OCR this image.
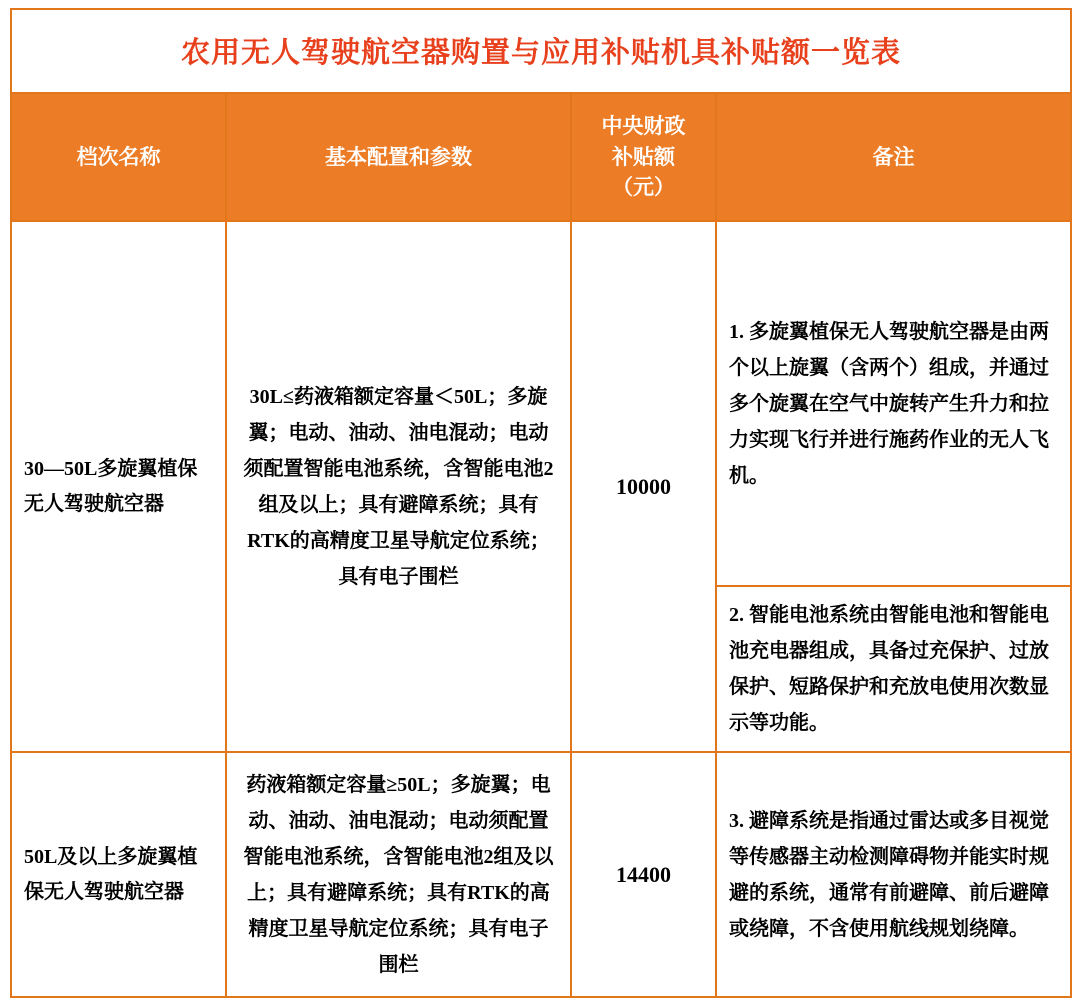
农用无人驾驶航空器购置与应用补贴机具补贴额一览表			
档次名称	基本配置和参数	中央财政
补贴额
（元）	备注
30—50L多旋翼植保无人驾驶航空器	30L≤药液箱额定容量＜50L；多旋翼；电动、油动、油电混动；电动须配置智能电池系统，含智能电池2组及以上；具有避障系统；具有RTK的高精度卫星导航定位系统；具有电子围栏	10000	1. 多旋翼植保无人驾驶航空器是由两个以上旋翼（含两个）组成，并通过多个旋翼在空气中旋转产生升力和拉力实现飞行并进行施药作业的无人飞机。
			2. 智能电池系统由智能电池和智能电池充电器组成，具备过充保护、过放保护、短路保护和充放电使用次数显示等功能。
50L及以上多旋翼植保无人驾驶航空器	药液箱额定容量≥50L；多旋翼；电动、油动、油电混动；电动须配置智能电池系统，含智能电池2组及以上；具有避障系统；具有RTK的高精度卫星导航定位系统；具有电子围栏	14400	3. 避障系统是指通过雷达或多目视觉等传感器主动检测障碍物并能实时规避的系统，通常有前避障、前后避障或绕障，不含使用航线规划绕障。
